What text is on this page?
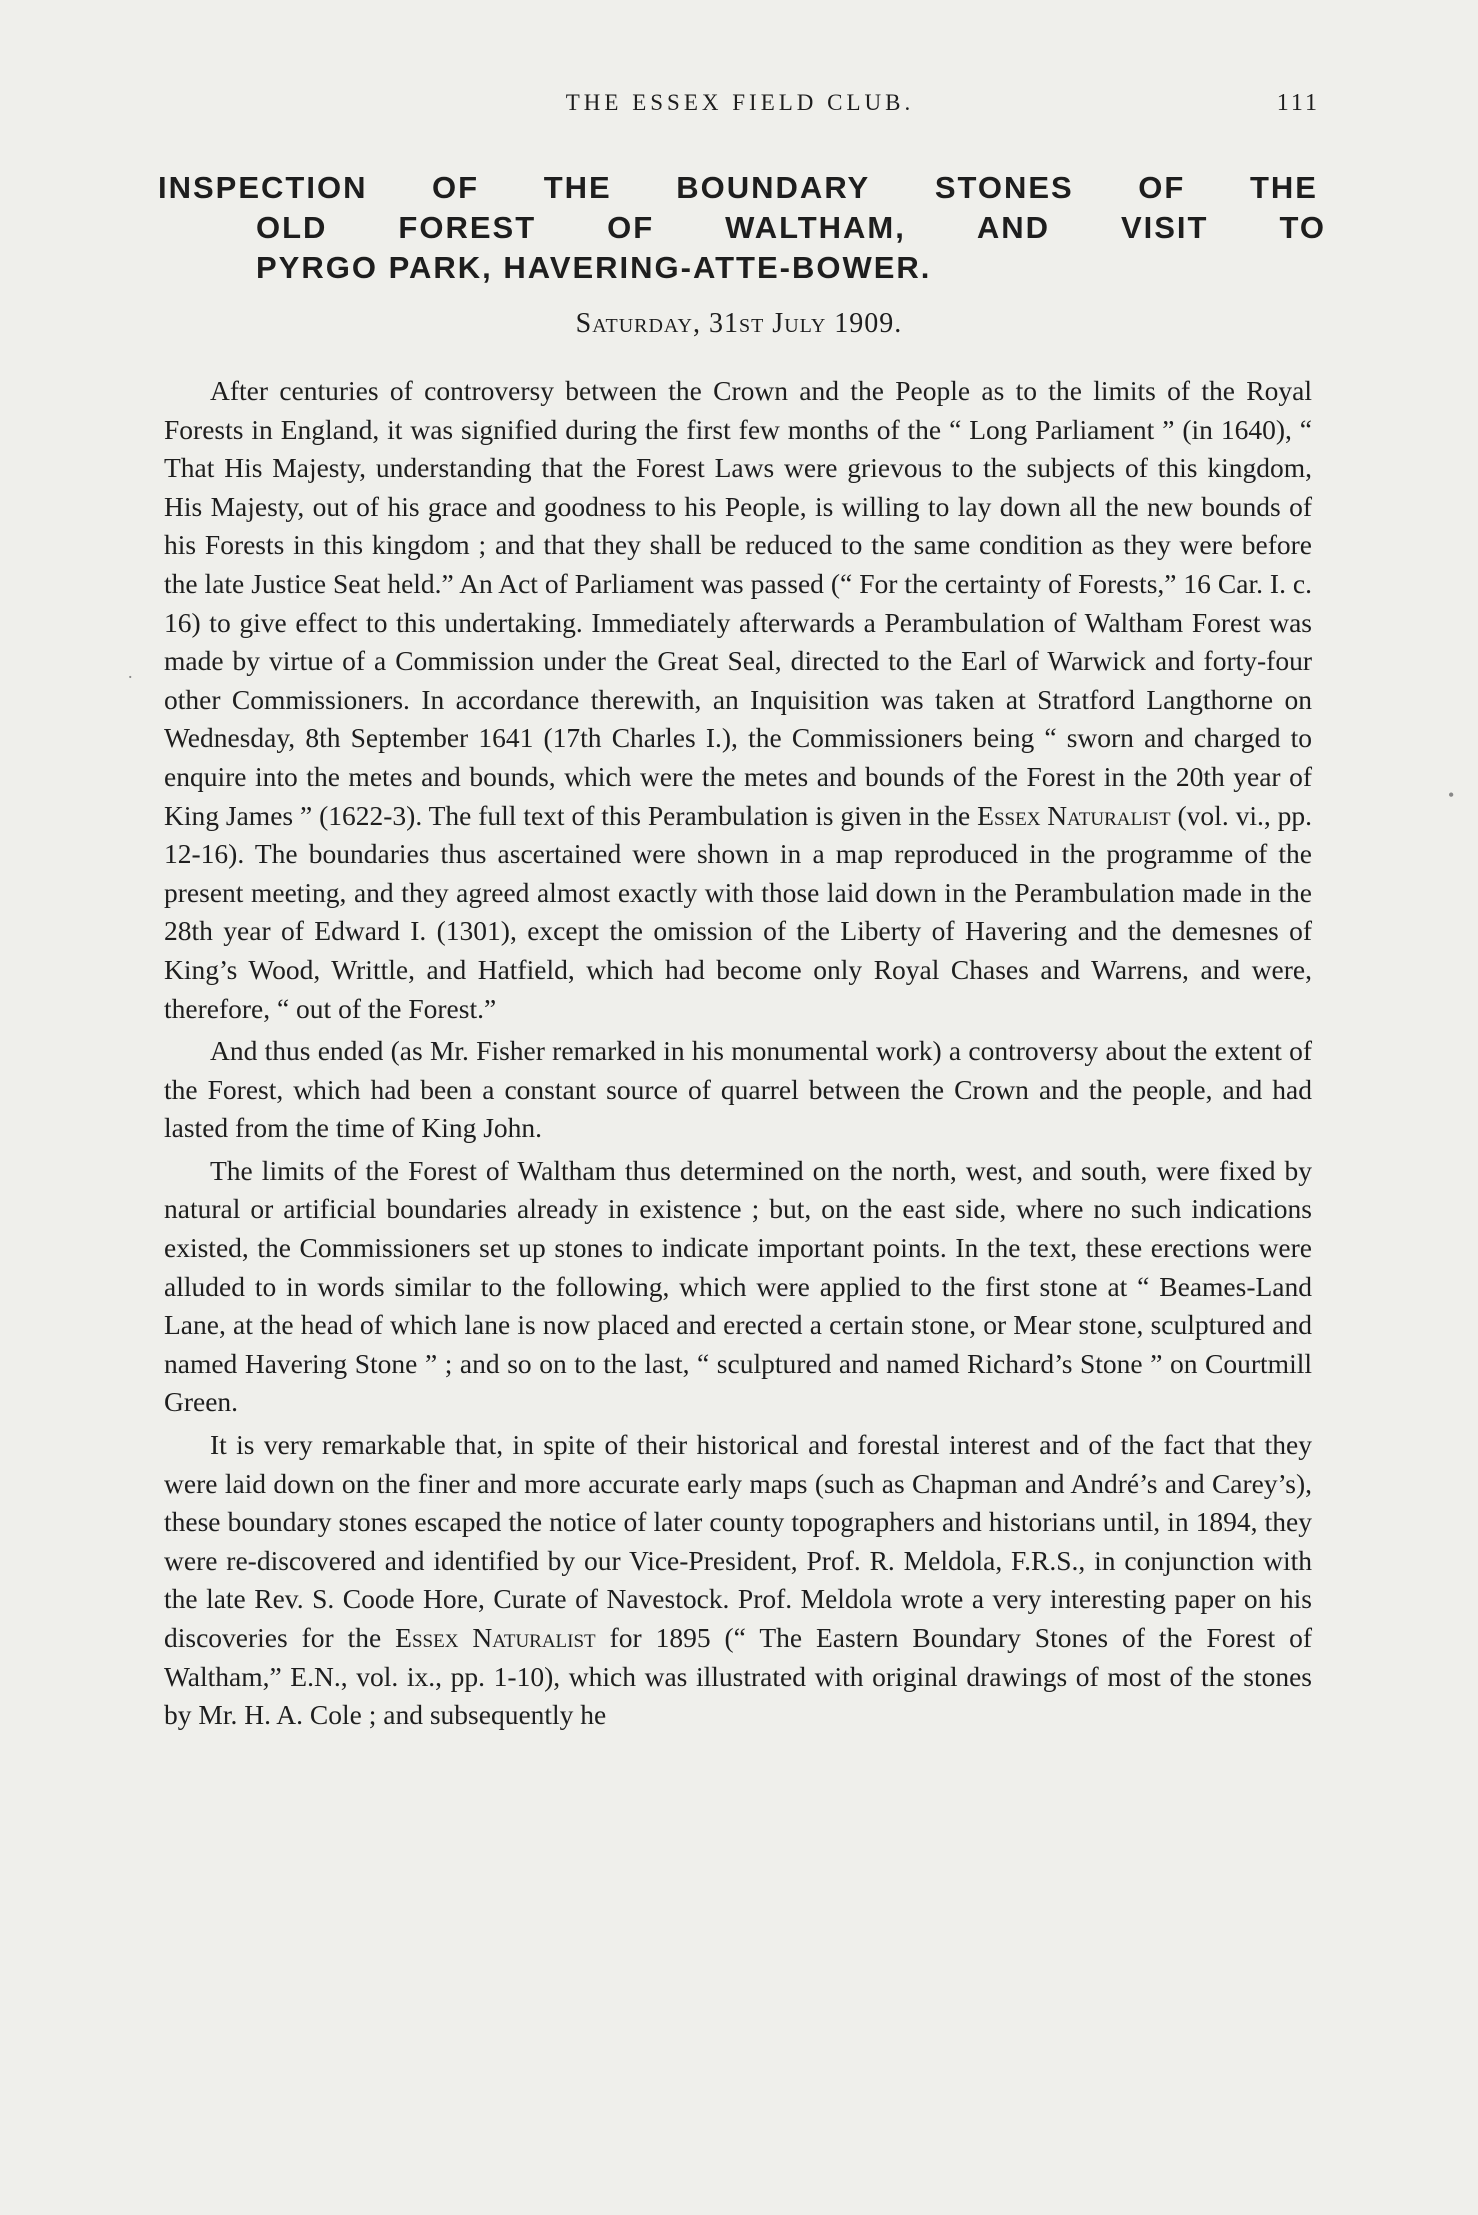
THE ESSEX FIELD CLUB.	111
INSPECTION OF THE BOUNDARY STONES OF THE
OLD FOREST OF WALTHAM, AND VISIT TO
PYRGO PARK, HAVERING-ATTE-BOWER.
Saturday, 31st July 1909.

After centuries of controversy between the Crown and the People as to the limits of the Royal Forests in England, it was signified during the first few months of the “ Long Parliament ” (in 1640), “ That His Majesty, understanding that the Forest Laws were grievous to the subjects of this kingdom, His Majesty, out of his grace and goodness to his People, is willing to lay down all the new bounds of his Forests in this kingdom ; and that they shall be reduced to the same condition as they were before the late Justice Seat held.” An Act of Parliament was passed (“ For the certainty of Forests,” 16 Car. I. c. 16) to give effect to this undertaking. Immediately afterwards a Perambulation of Waltham Forest was made by virtue of a Commission under the Great Seal, directed to the Earl of Warwick and forty-four other Commissioners. In accordance therewith, an Inquisition was taken at Stratford Langthorne on Wednesday, 8th September 1641 (17th Charles I.), the Commissioners being “ sworn and charged to enquire into the metes and bounds, which were the metes and bounds of the Forest in the 20th year of King James ” (1622-3). The full text of this Perambulation is given in the Essex Naturalist (vol. vi., pp. 12-16). The boundaries thus ascertained were shown in a map reproduced in the programme of the present meeting, and they agreed almost exactly with those laid down in the Perambulation made in the 28th year of Edward I. (1301), except the omission of the Liberty of Havering and the demesnes of King’s Wood, Writtle, and Hatfield, which had become only Royal Chases and Warrens, and were, therefore, “ out of the Forest.”

And thus ended (as Mr. Fisher remarked in his monumental work) a controversy about the extent of the Forest, which had been a constant source of quarrel between the Crown and the people, and had lasted from the time of King John.

The limits of the Forest of Waltham thus determined on the north, west, and south, were fixed by natural or artificial boundaries already in existence ; but, on the east side, where no such indications existed, the Commissioners set up stones to indicate important points. In the text, these erections were alluded to in words similar to the following, which were applied to the first stone at “ Beames-Land Lane, at the head of which lane is now placed and erected a certain stone, or Mear stone, sculptured and named Havering Stone ” ; and so on to the last, “ sculptured and named Richard’s Stone ” on Courtmill Green.

It is very remarkable that, in spite of their historical and forestal interest and of the fact that they were laid down on the finer and more accurate early maps (such as Chapman and André’s and Carey’s), these boundary stones escaped the notice of later county topographers and historians until, in 1894, they were re-discovered and identified by our Vice-President, Prof. R. Meldola, F.R.S., in conjunction with the late Rev. S. Coode Hore, Curate of Navestock. Prof. Meldola wrote a very interesting paper on his discoveries for the Essex Naturalist for 1895 (“ The Eastern Boundary Stones of the Forest of Waltham,” E.N., vol. ix., pp. 1-10), which was illustrated with original drawings of most of the stones by Mr. H. A. Cole ; and subsequently he

.
•
